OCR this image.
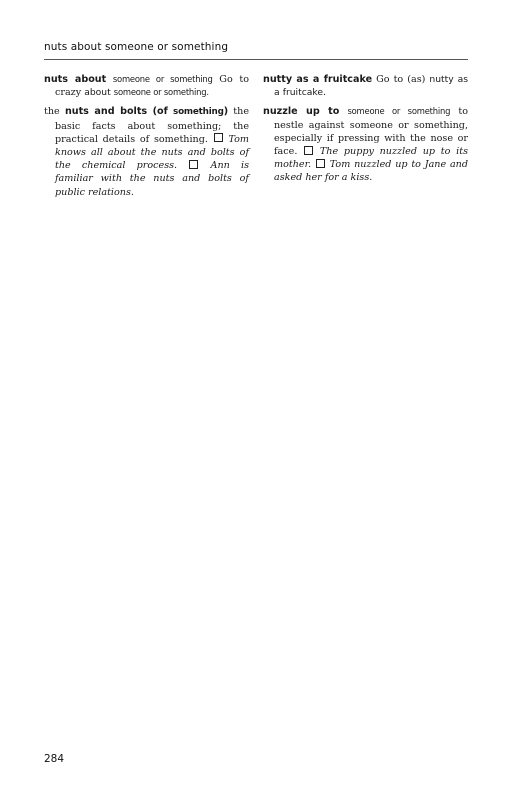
nuts about someone or something

nuts about someone or something Go to crazy about someone or something.

the nuts and bolts (of something) the basic facts about something; the practical details of something.  Tom knows all about the nuts and bolts of the chemical process.	Ann is familiar with the nuts and bolts of public relations.

nutty as a fruitcake Go to (as) nutty as a fruitcake.

nuzzle up to someone or something to nestle against someone or something, especially if pressing with the nose or face.  The puppy nuzzled up to its mother. Tom nuzzled up to Jane and asked her for a kiss.

284
